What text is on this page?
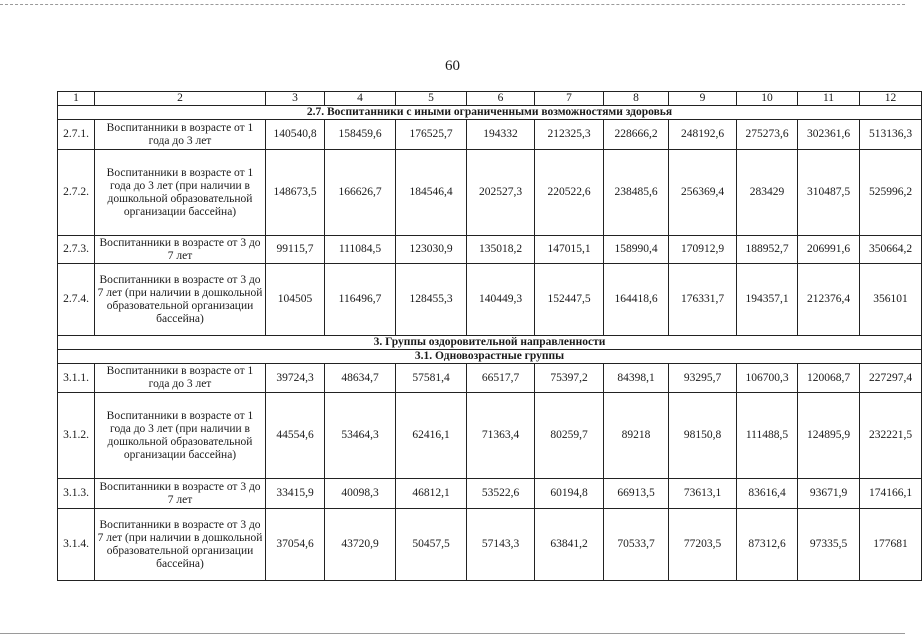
60
1	2	3	4	5	6	7	8	9	10	11	12
2.7. Воспитанники с иными ограниченными возможностями здоровья											
2.7.1.	Воспитанники в возрасте от 1 года до 3 лет	140540,8	158459,6	176525,7	194332	212325,3	228666,2	248192,6	275273,6	302361,6	513136,3
2.7.2.	Воспитанники в возрасте от 1 года до 3 лет (при наличии в дошкольной образовательной организации бассейна)	148673,5	166626,7	184546,4	202527,3	220522,6	238485,6	256369,4	283429	310487,5	525996,2
2.7.3.	Воспитанники в возрасте от 3 до 7 лет	99115,7	111084,5	123030,9	135018,2	147015,1	158990,4	170912,9	188952,7	206991,6	350664,2
2.7.4.	Воспитанники в возрасте от 3 до 7 лет (при наличии в дошкольной образовательной организации бассейна)	104505	116496,7	128455,3	140449,3	152447,5	164418,6	176331,7	194357,1	212376,4	356101
3. Группы оздоровительной направленности											
3.1. Одновозрастные группы											
3.1.1.	Воспитанники в возрасте от 1 года до 3 лет	39724,3	48634,7	57581,4	66517,7	75397,2	84398,1	93295,7	106700,3	120068,7	227297,4
3.1.2.	Воспитанники в возрасте от 1 года до 3 лет (при наличии в дошкольной образовательной организации бассейна)	44554,6	53464,3	62416,1	71363,4	80259,7	89218	98150,8	111488,5	124895,9	232221,5
3.1.3.	Воспитанники в возрасте от 3 до 7 лет	33415,9	40098,3	46812,1	53522,6	60194,8	66913,5	73613,1	83616,4	93671,9	174166,1
3.1.4.	Воспитанники в возрасте от 3 до 7 лет (при наличии в дошкольной образовательной организации бассейна)	37054,6	43720,9	50457,5	57143,3	63841,2	70533,7	77203,5	87312,6	97335,5	177681
